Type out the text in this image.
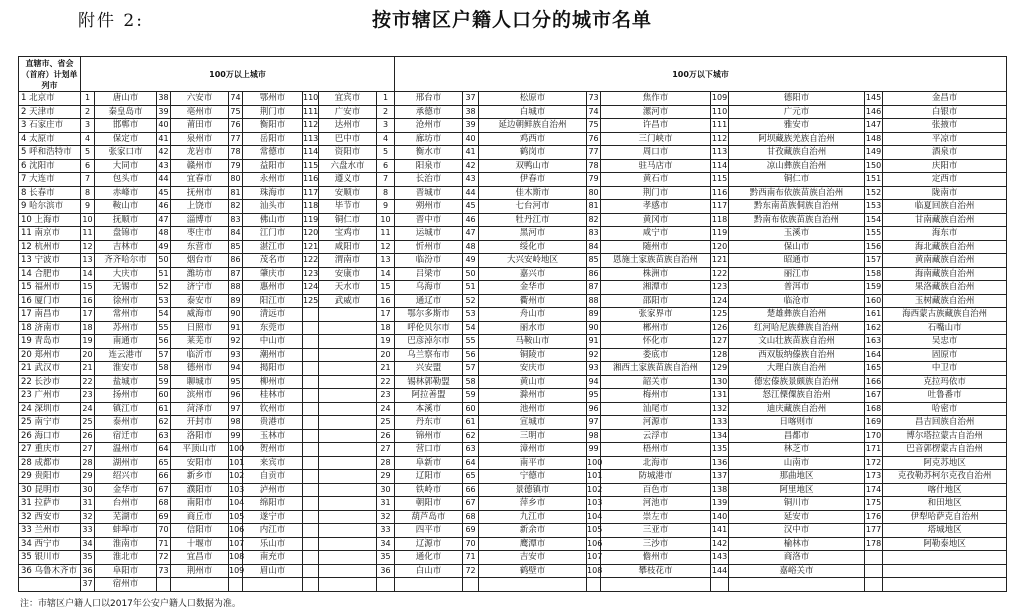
附件 2:	按市辖区户籍人口分的城市名单
直辖市、省会（首府）计划单列市	100万以上城市									100万以下城市								
1 北京市	1	唐山市	38	六安市	74	鄂州市	110	宜宾市	1	邢台市	37	松原市	73	焦作市	109	德阳市	145	金昌市
2 天津市	2	秦皇岛市	39	亳州市	75	荆门市	111	广安市	2	承德市	38	白城市	74	漯河市	110	广元市	146	白银市
3 石家庄市	3	邯郸市	40	莆田市	76	衡阳市	112	达州市	3	沧州市	39	延边朝鲜族自治州	75	许昌市	111	雅安市	147	张掖市
4 太原市	4	保定市	41	泉州市	77	岳阳市	113	巴中市	4	廊坊市	40	鸡西市	76	三门峡市	112	阿坝藏族羌族自治州	148	平凉市
5 呼和浩特市	5	张家口市	42	龙岩市	78	常德市	114	资阳市	5	衡水市	41	鹤岗市	77	周口市	113	甘孜藏族自治州	149	酒泉市
6 沈阳市	6	大同市	43	赣州市	79	益阳市	115	六盘水市	6	阳泉市	42	双鸭山市	78	驻马店市	114	凉山彝族自治州	150	庆阳市
7 大连市	7	包头市	44	宜春市	80	永州市	116	遵义市	7	长治市	43	伊春市	79	黄石市	115	铜仁市	151	定西市
8 长春市	8	赤峰市	45	抚州市	81	珠海市	117	安顺市	8	晋城市	44	佳木斯市	80	荆门市	116	黔西南布依族苗族自治州	152	陇南市
9 哈尔滨市	9	鞍山市	46	上饶市	82	汕头市	118	毕节市	9	朔州市	45	七台河市	81	孝感市	117	黔东南苗族侗族自治州	153	临夏回族自治州
10 上海市	10	抚顺市	47	淄博市	83	佛山市	119	铜仁市	10	晋中市	46	牡丹江市	82	黄冈市	118	黔南布依族苗族自治州	154	甘南藏族自治州
11 南京市	11	盘锦市	48	枣庄市	84	江门市	120	宝鸡市	11	运城市	47	黑河市	83	咸宁市	119	玉溪市	155	海东市
12 杭州市	12	吉林市	49	东营市	85	湛江市	121	咸阳市	12	忻州市	48	绥化市	84	随州市	120	保山市	156	海北藏族自治州
13 宁波市	13	齐齐哈尔市	50	烟台市	86	茂名市	122	渭南市	13	临汾市	49	大兴安岭地区	85	恩施土家族苗族自治州	121	昭通市	157	黄南藏族自治州
14 合肥市	14	大庆市	51	潍坊市	87	肇庆市	123	安康市	14	吕梁市	50	嘉兴市	86	株洲市	122	丽江市	158	海南藏族自治州
15 福州市	15	无锡市	52	济宁市	88	惠州市	124	天水市	15	乌海市	51	金华市	87	湘潭市	123	普洱市	159	果洛藏族自治州
16 厦门市	16	徐州市	53	泰安市	89	阳江市	125	武威市	16	通辽市	52	衢州市	88	邵阳市	124	临沧市	160	玉树藏族自治州
17 南昌市	17	常州市	54	威海市	90	清远市			17	鄂尔多斯市	53	舟山市	89	张家界市	125	楚雄彝族自治州	161	海西蒙古族藏族自治州
18 济南市	18	苏州市	55	日照市	91	东莞市			18	呼伦贝尔市	54	丽水市	90	郴州市	126	红河哈尼族彝族自治州	162	石嘴山市
19 青岛市	19	南通市	56	莱芜市	92	中山市			19	巴彦淖尔市	55	马鞍山市	91	怀化市	127	文山壮族苗族自治州	163	吴忠市
20 郑州市	20	连云港市	57	临沂市	93	潮州市			20	乌兰察布市	56	铜陵市	92	娄底市	128	西双版纳傣族自治州	164	固原市
21 武汉市	21	淮安市	58	德州市	94	揭阳市			21	兴安盟	57	安庆市	93	湘西土家族苗族自治州	129	大理白族自治州	165	中卫市
22 长沙市	22	盐城市	59	聊城市	95	柳州市			22	锡林郭勒盟	58	黄山市	94	韶关市	130	德宏傣族景颇族自治州	166	克拉玛依市
23 广州市	23	扬州市	60	滨州市	96	桂林市			23	阿拉善盟	59	滁州市	95	梅州市	131	怒江傈僳族自治州	167	吐鲁番市
24 深圳市	24	镇江市	61	菏泽市	97	钦州市			24	本溪市	60	池州市	96	汕尾市	132	迪庆藏族自治州	168	哈密市
25 南宁市	25	泰州市	62	开封市	98	贵港市			25	丹东市	61	宣城市	97	河源市	133	日喀则市	169	昌吉回族自治州
26 海口市	26	宿迁市	63	洛阳市	99	玉林市			26	锦州市	62	三明市	98	云浮市	134	昌都市	170	博尔塔拉蒙古自治州
27 重庆市	27	温州市	64	平顶山市	100	贺州市			27	营口市	63	漳州市	99	梧州市	135	林芝市	171	巴音郭楞蒙古自治州
28 成都市	28	湖州市	65	安阳市	101	来宾市			28	阜新市	64	南平市	100	北海市	136	山南市	172	阿克苏地区
29 贵阳市	29	绍兴市	66	新乡市	102	自贡市			29	辽阳市	65	宁德市	101	防城港市	137	那曲地区	173	克孜勒苏柯尔克孜自治州
30 昆明市	30	金华市	67	濮阳市	103	泸州市			30	铁岭市	66	景德镇市	102	百色市	138	阿里地区	174	喀什地区
31 拉萨市	31	台州市	68	南阳市	104	绵阳市			31	朝阳市	67	萍乡市	103	河池市	139	铜川市	175	和田地区
32 西安市	32	芜湖市	69	商丘市	105	遂宁市			32	葫芦岛市	68	九江市	104	崇左市	140	延安市	176	伊犁哈萨克自治州
33 兰州市	33	蚌埠市	70	信阳市	106	内江市			33	四平市	69	新余市	105	三亚市	141	汉中市	177	塔城地区
34 西宁市	34	淮南市	71	十堰市	107	乐山市			34	辽源市	70	鹰潭市	106	三沙市	142	榆林市	178	阿勒泰地区
35 银川市	35	淮北市	72	宜昌市	108	南充市			35	通化市	71	吉安市	107	儋州市	143	商洛市		
36 乌鲁木齐市	36	阜阳市	73	荆州市	109	眉山市			36	白山市	72	鹤壁市	108	攀枝花市	144	嘉峪关市		
	37	宿州市																
注：市辖区户籍人口以2017年公安户籍人口数据为准。
